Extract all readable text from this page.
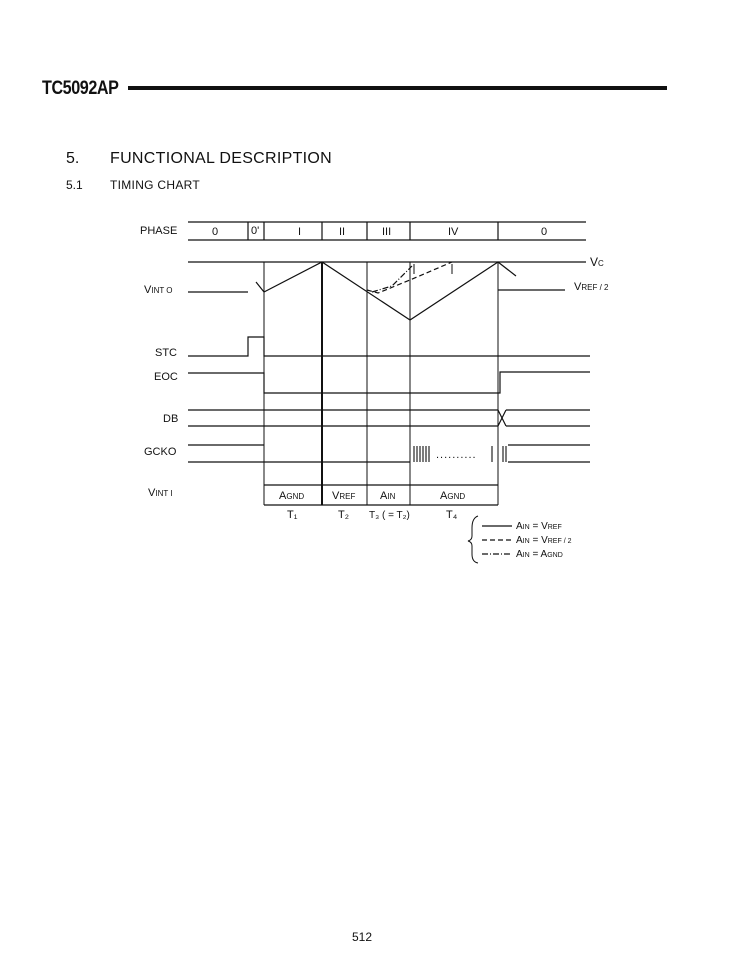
TC5092AP
5. FUNCTIONAL DESCRIPTION
5.1 TIMING CHART
PHASE
VINT O
STC
EOC
DB
GCKO
VINT I
0	0'	I	II	III	IV	0
VC
VREF / 2
..........
AGND	VREF AIN	AGND
T₁	T₂ T₃ ( = T₂)	T₄
AIN = VREF
AIN = VREF / 2
AIN = AGND
512
